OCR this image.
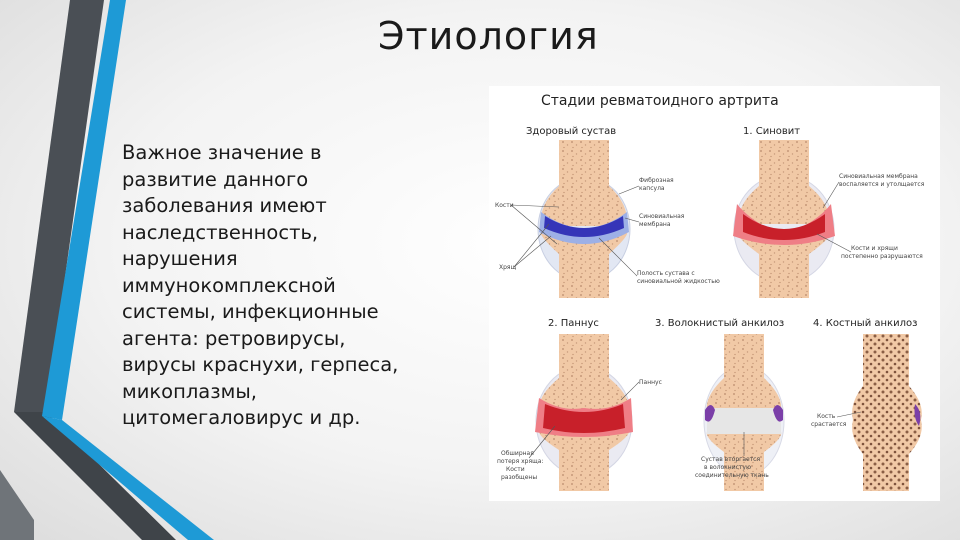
Этиология
Важное значение в
развитие данного
заболевания имеют
наследственность,
нарушения
иммунокомплексной
системы, инфекционные
агента: ретровирусы,
вирусы краснухи, герпеса,
микоплазмы,
цитомегаловирус и др.
Стадии ревматоидного артрита
Здоровый сустав
Кости
Хрящ
Фиброзная
капсула
Синовиальная
мембрана
Полость сустава с
синовиальной жидкостью
1. Синовит
Синовиальная мембрана
воспаляется и утолщается
Кости и хрящи
постепенно разрушаются
2. Паннус
Паннус
Обширная
потеря хряща:
Кости
разобщены
3. Волокнистый анкилоз
Сустав вторгается
в волокнистую
соединительную ткань
4. Костный анкилоз
Кость
срастается
